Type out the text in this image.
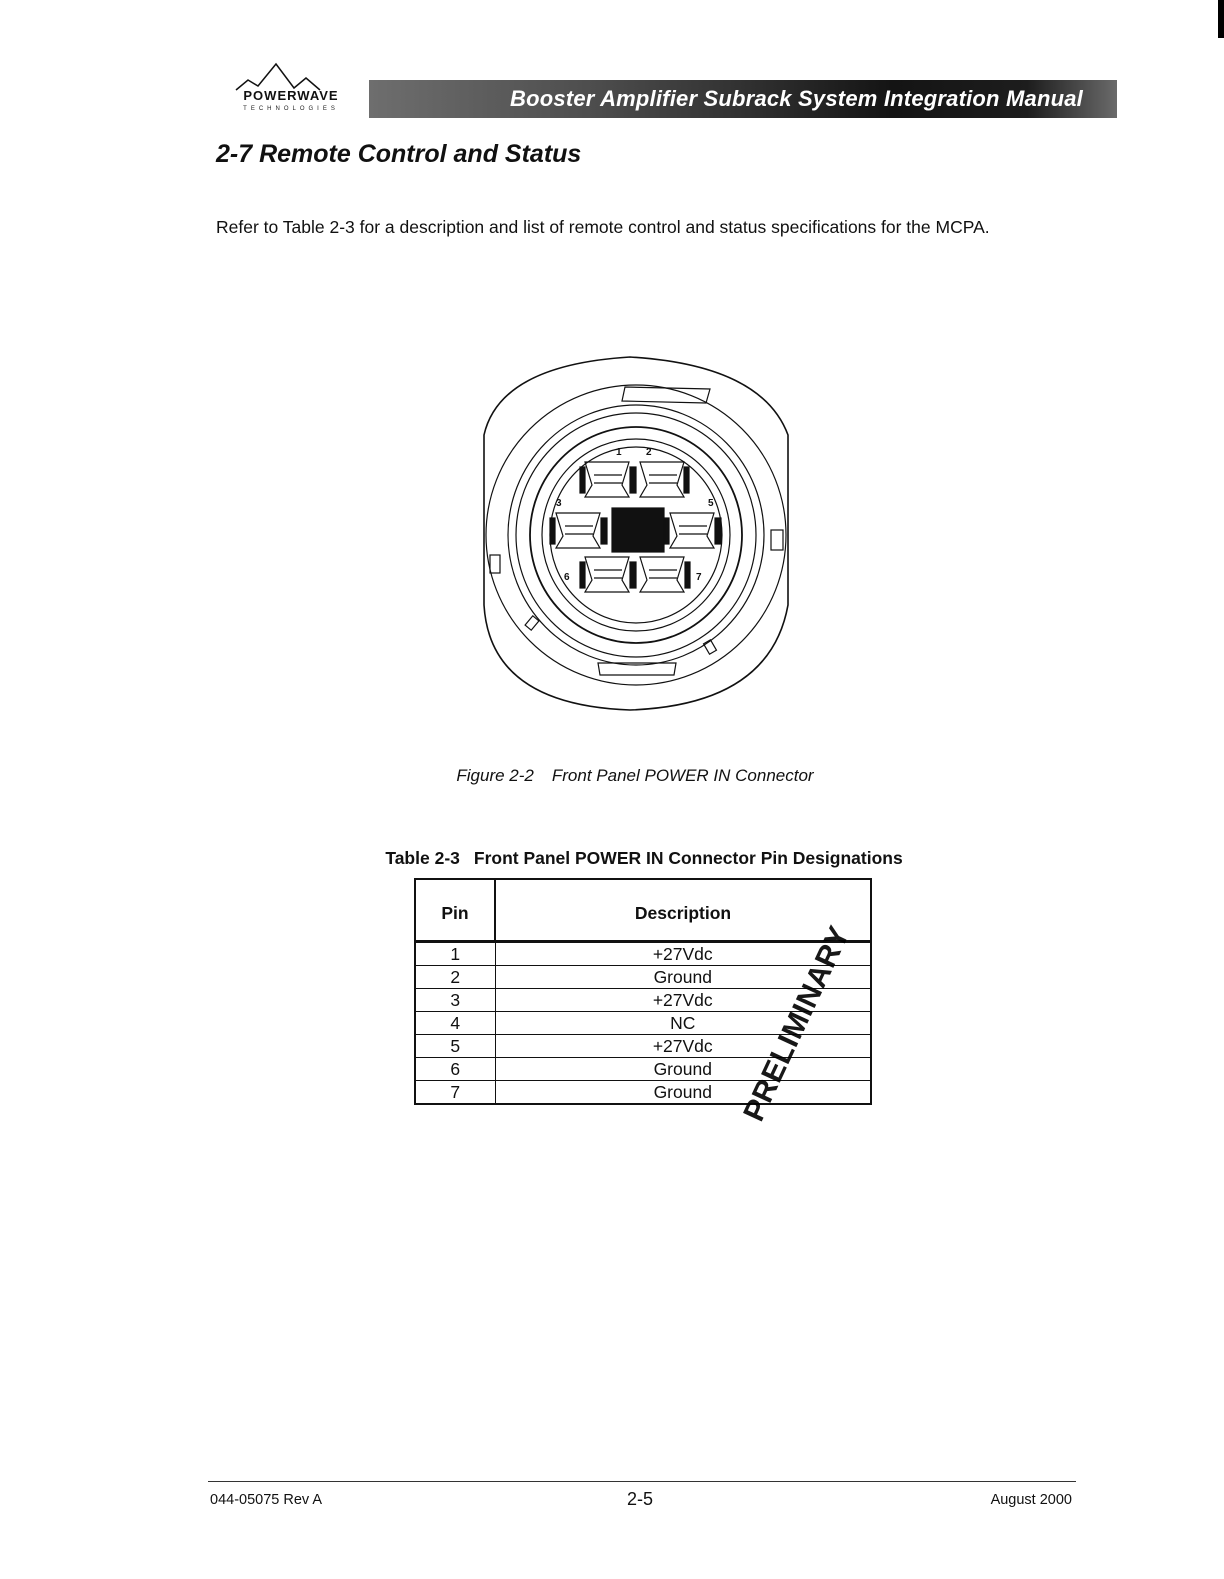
POWERWAVE
TECHNOLOGIES	Booster Amplifier Subrack System Integration Manual
2-7 Remote Control and Status
Refer to Table 2-3 for a description and list of remote control and status specifications for the MCPA.
1 2
3	5
6	7
Figure 2-2 Front Panel POWER IN Connector
Table 2-3 Front Panel POWER IN Connector Pin Designations
Pin	Description
1	+27Vdc
2	Ground
3	+27Vdc
4	NC
5	+27Vdc
6	Ground
7	Ground PRELIMINARY
044-05075 Rev A	2-5	August 2000
